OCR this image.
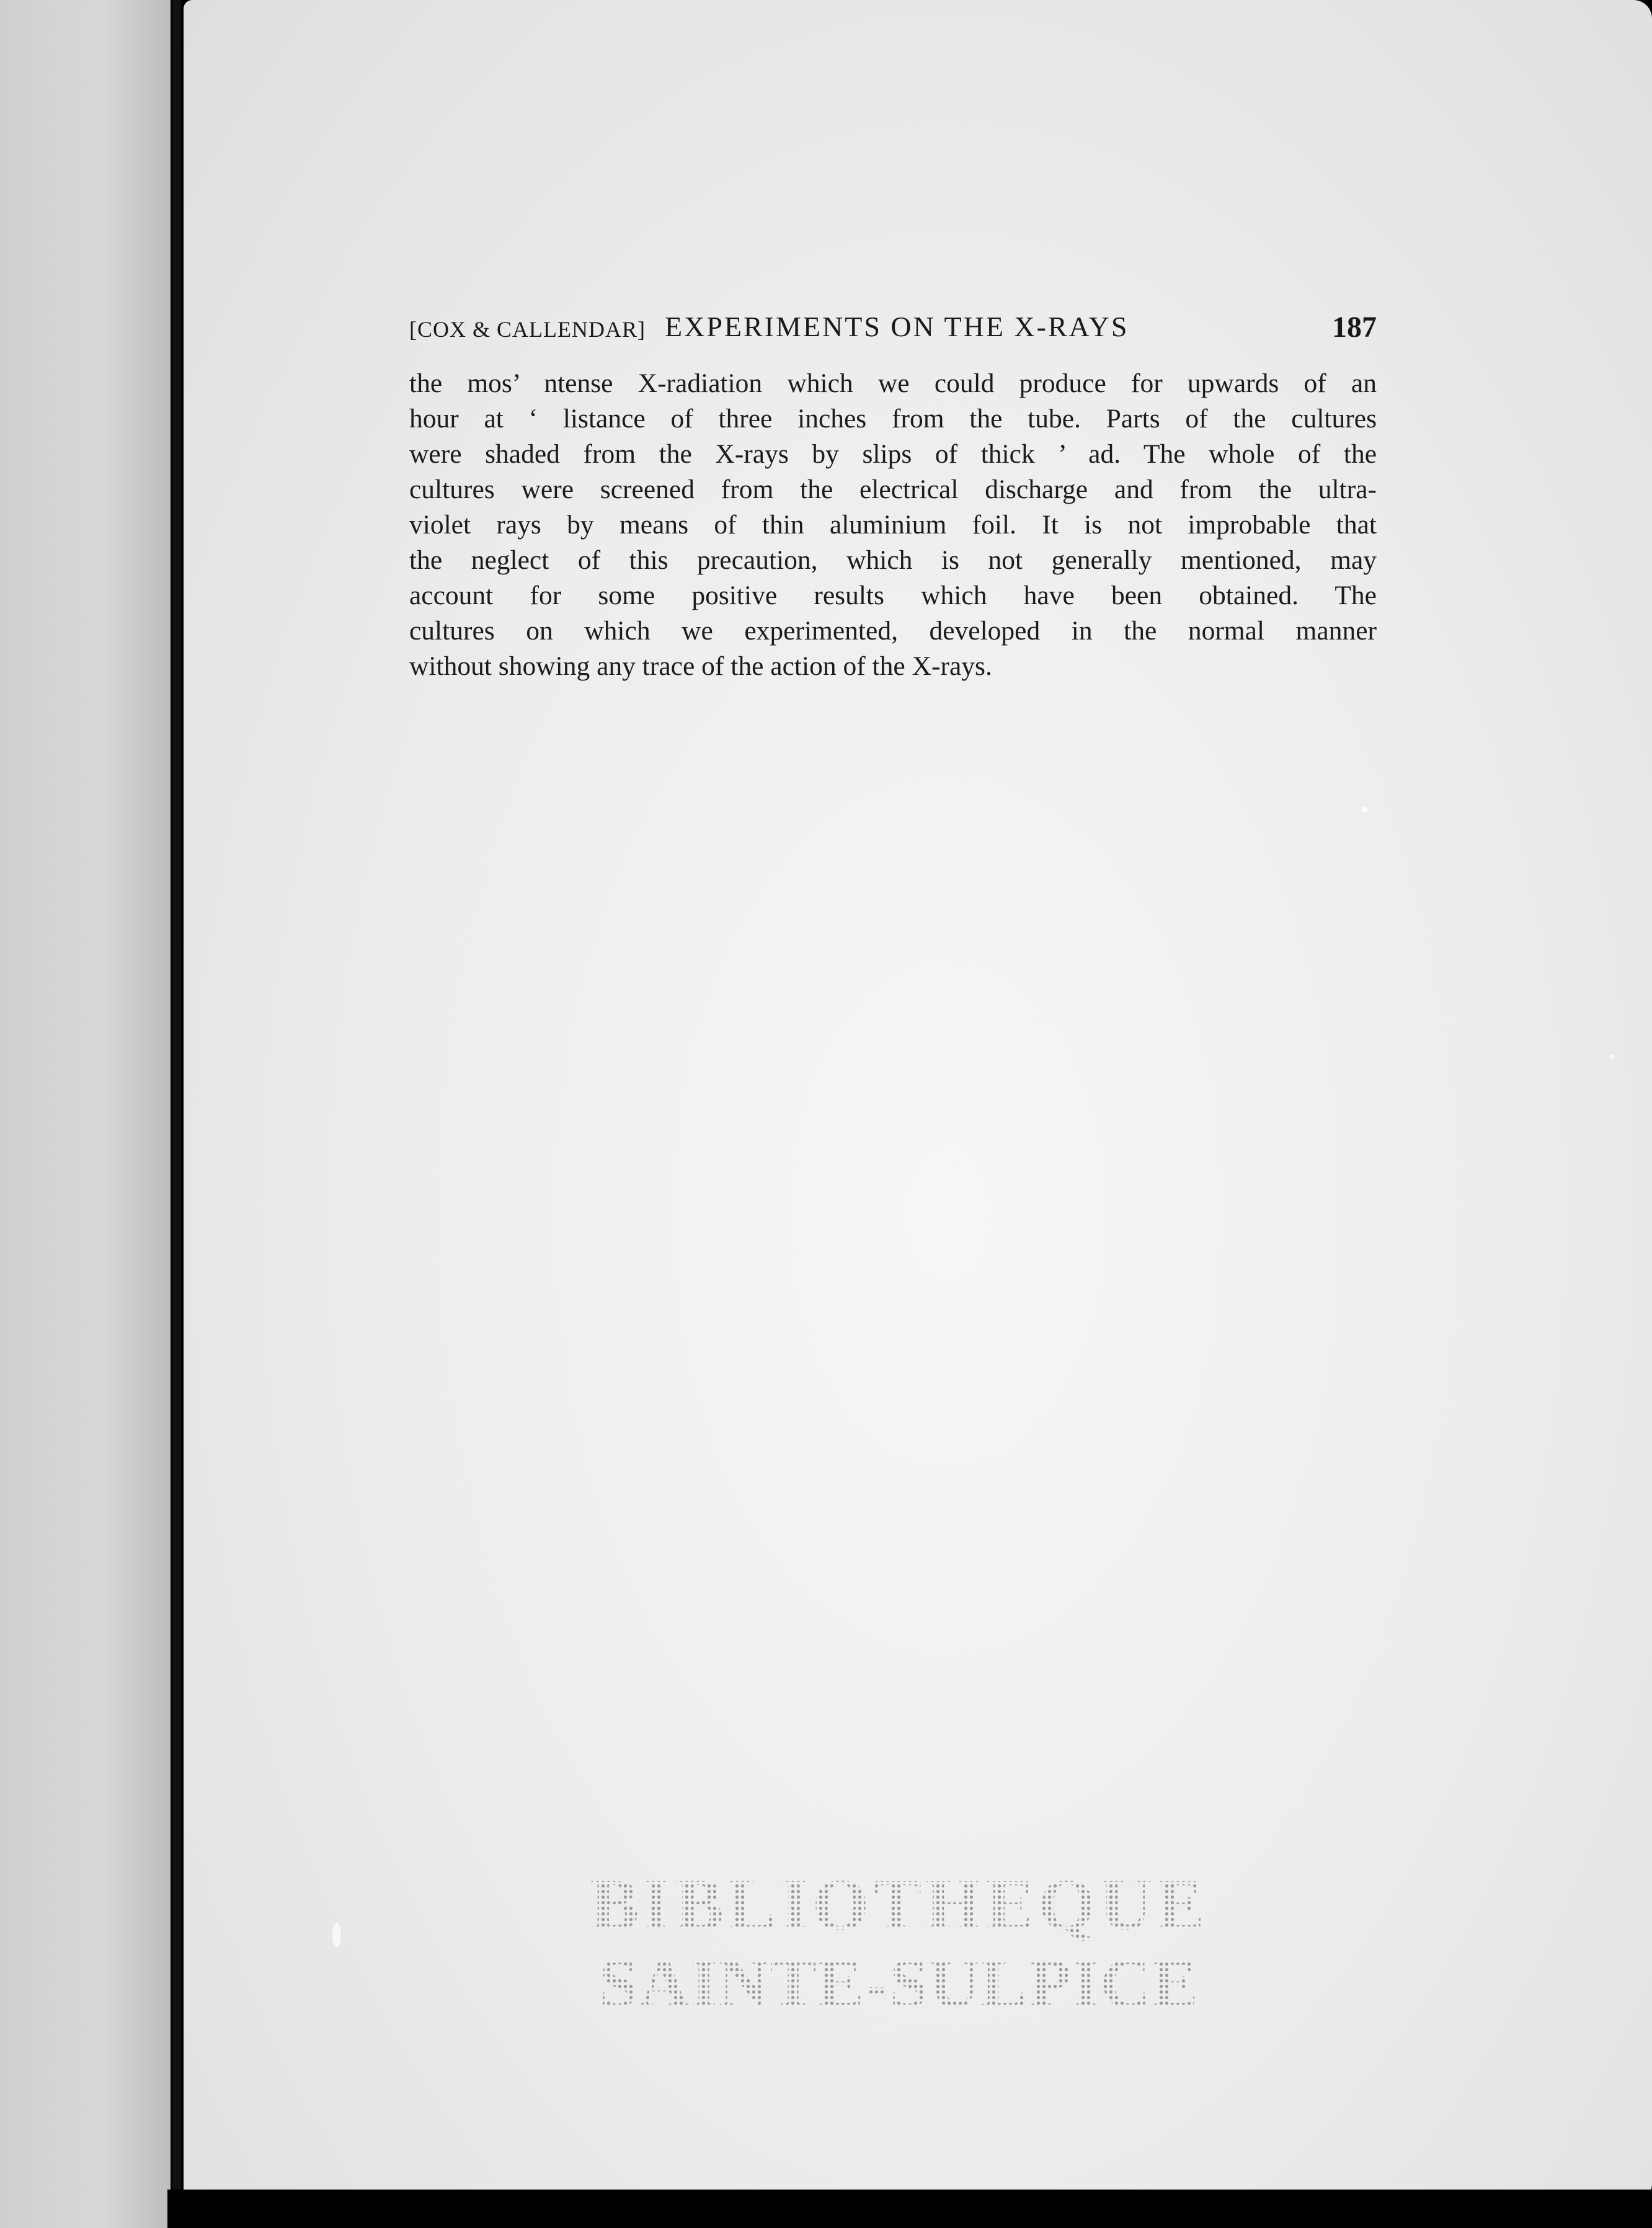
[COX & CALLENDAR] EXPERIMENTS ON THE X-RAYS	187
the mos’ ntense X-radiation which we could produce for upwards of an
hour at ‘ listance of three inches from the tube. Parts of the cultures
were shaded from the X-rays by slips of thick ’ ad. The whole of the
cultures were screened from the electrical discharge and from the ultra-
violet rays by means of thin aluminium foil. It is not improbable that
the neglect of this precaution, which is not generally mentioned, may
account for some positive results which have been obtained. The
cultures on which we experimented, developed in the normal manner
without showing any trace of the action of the X-rays.
BIBLIOTHEQUE
SAINTE-SULPICE
